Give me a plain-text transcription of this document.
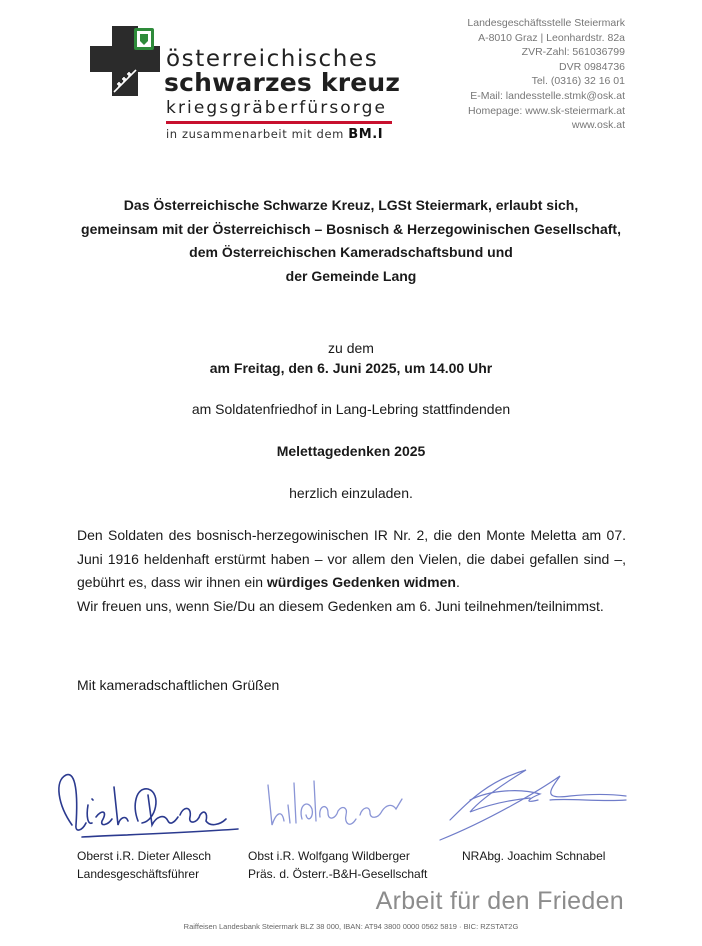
österreichisches
schwarzes kreuz
kriegsgräberfürsorge
in zusammenarbeit mit dem BM.I
Landesgeschäftsstelle Steiermark
A-8010 Graz | Leonhardstr. 82a
ZVR-Zahl: 561036799
DVR 0984736
Tel. (0316) 32 16 01
E-Mail: landesstelle.stmk@osk.at
Homepage: www.sk-steiermark.at
www.osk.at
Das Österreichische Schwarze Kreuz, LGSt Steiermark, erlaubt sich,
gemeinsam mit der Österreichisch – Bosnisch & Herzegowinischen Gesellschaft,
dem Österreichischen Kameradschaftsbund und
der Gemeinde Lang
zu dem
am Freitag, den 6. Juni 2025, um 14.00 Uhr
am Soldatenfriedhof in Lang-Lebring stattfindenden
Melettagedenken 2025
herzlich einzuladen.
Den Soldaten des bosnisch-herzegowinischen IR Nr. 2, die den Monte Meletta am 07. Juni 1916 heldenhaft erstürmt haben – vor allem den Vielen, die dabei gefallen sind –, gebührt es, dass wir ihnen ein würdiges Gedenken widmen.
Wir freuen uns, wenn Sie/Du an diesem Gedenken am 6. Juni teilnehmen/teilnimmst.
Mit kameradschaftlichen Grüßen
Oberst i.R. Dieter Allesch
Landesgeschäftsführer
Obst i.R. Wolfgang Wildberger
Präs. d. Österr.-B&H-Gesellschaft
NRAbg. Joachim Schnabel
Arbeit für den Frieden
Raiffeisen Landesbank Steiermark BLZ 38 000, IBAN: AT94 3800 0000 0562 5819 · BIC: RZSTAT2G
